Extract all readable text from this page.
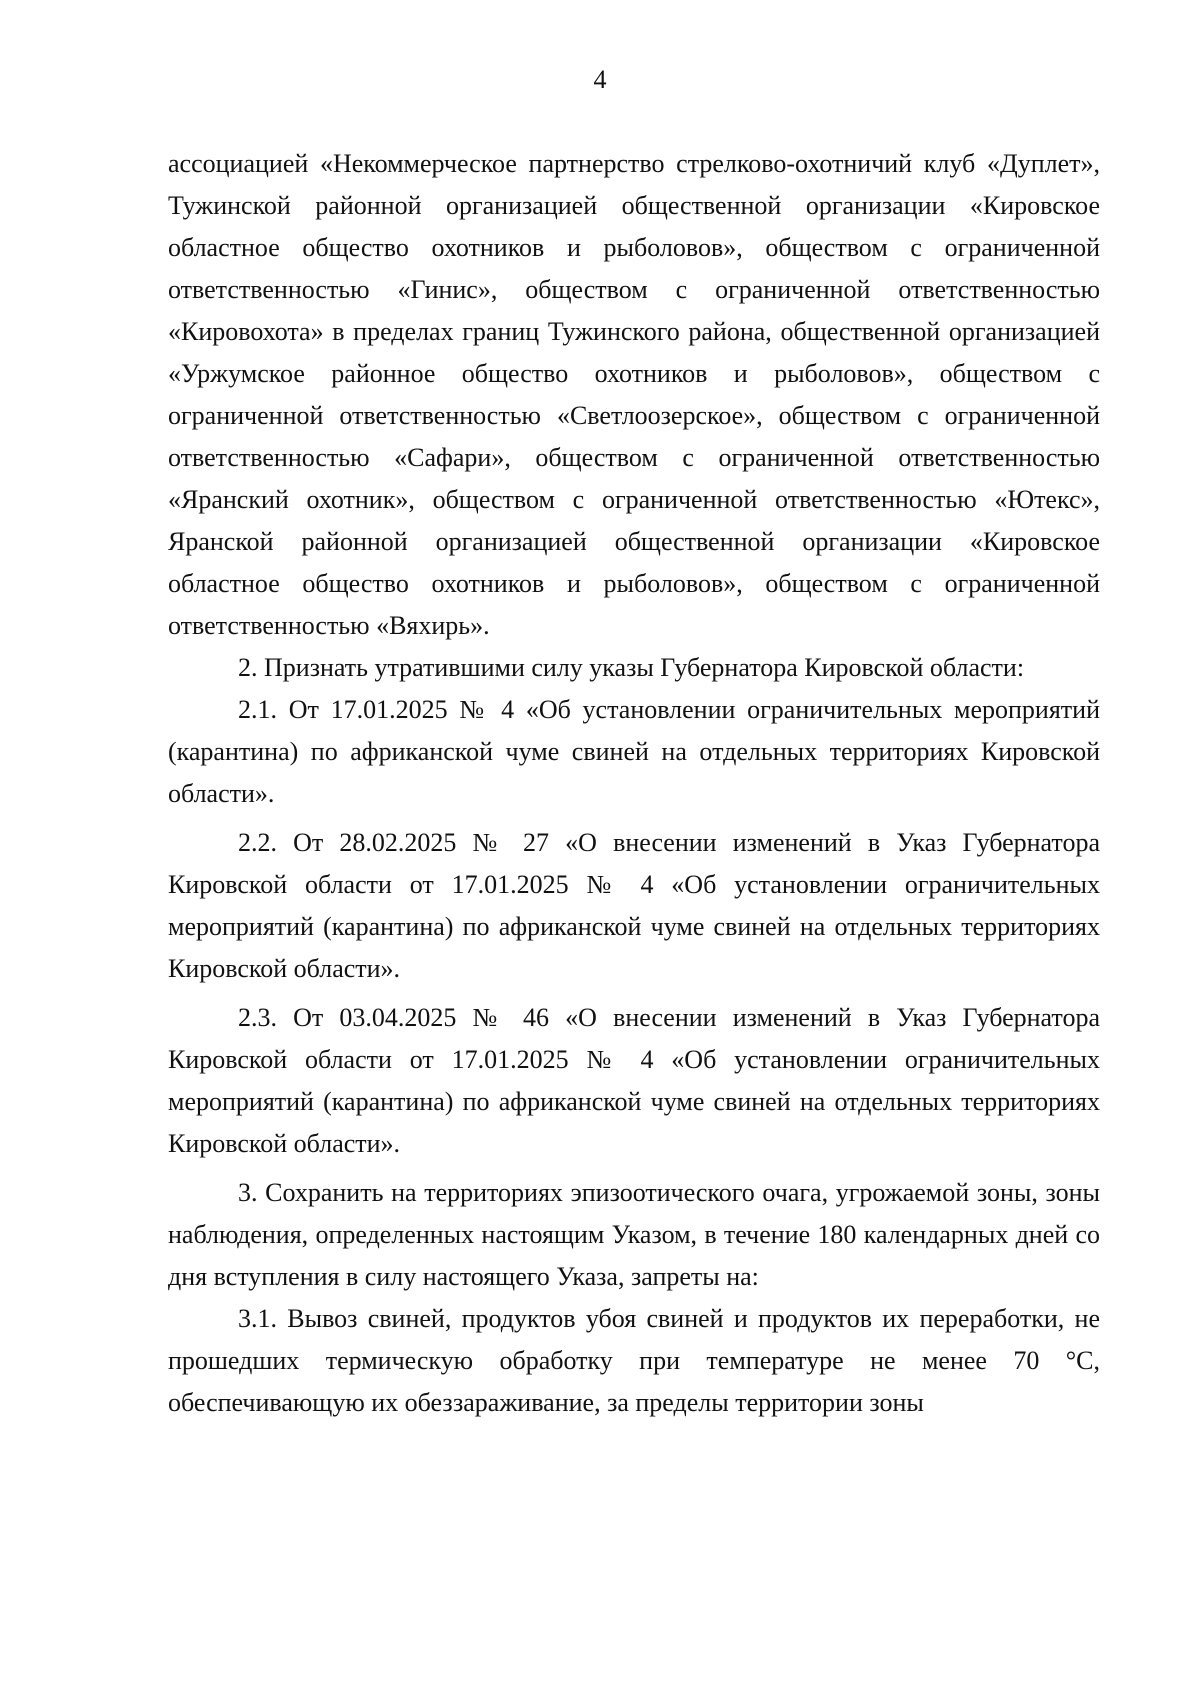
4

ассоциацией «Некоммерческое партнерство стрелково-охотничий клуб «Дуплет», Тужинской районной организацией общественной организации «Кировское областное общество охотников и рыболовов», обществом с ограниченной ответственностью «Гинис», обществом с ограниченной ответственностью «Кировохота» в пределах границ Тужинского района, общественной организацией «Уржумское районное общество охотников и рыболовов», обществом с ограниченной ответственностью «Светлоозерское», обществом с ограниченной ответственностью «Сафари», обществом с ограниченной ответственностью «Яранский охотник», обществом с ограниченной ответственностью «Ютекс», Яранской районной организацией общественной организации «Кировское областное общество охотников и рыболовов», обществом с ограниченной ответственностью «Вяхирь».

2. Признать утратившими силу указы Губернатора Кировской области:

2.1. От 17.01.2025 № 4 «Об установлении ограничительных мероприятий (карантина) по африканской чуме свиней на отдельных территориях Кировской области».

2.2. От 28.02.2025 № 27 «О внесении изменений в Указ Губернатора Кировской области от 17.01.2025 № 4 «Об установлении ограничительных мероприятий (карантина) по африканской чуме свиней на отдельных территориях Кировской области».

2.3. От 03.04.2025 № 46 «О внесении изменений в Указ Губернатора Кировской области от 17.01.2025 № 4 «Об установлении ограничительных мероприятий (карантина) по африканской чуме свиней на отдельных территориях Кировской области».

3. Сохранить на территориях эпизоотического очага, угрожаемой зоны, зоны наблюдения, определенных настоящим Указом, в течение 180 календарных дней со дня вступления в силу настоящего Указа, запреты на:

3.1. Вывоз свиней, продуктов убоя свиней и продуктов их переработки, не прошедших термическую обработку при температуре не менее 70 °С, обеспечивающую их обеззараживание, за пределы территории зоны
